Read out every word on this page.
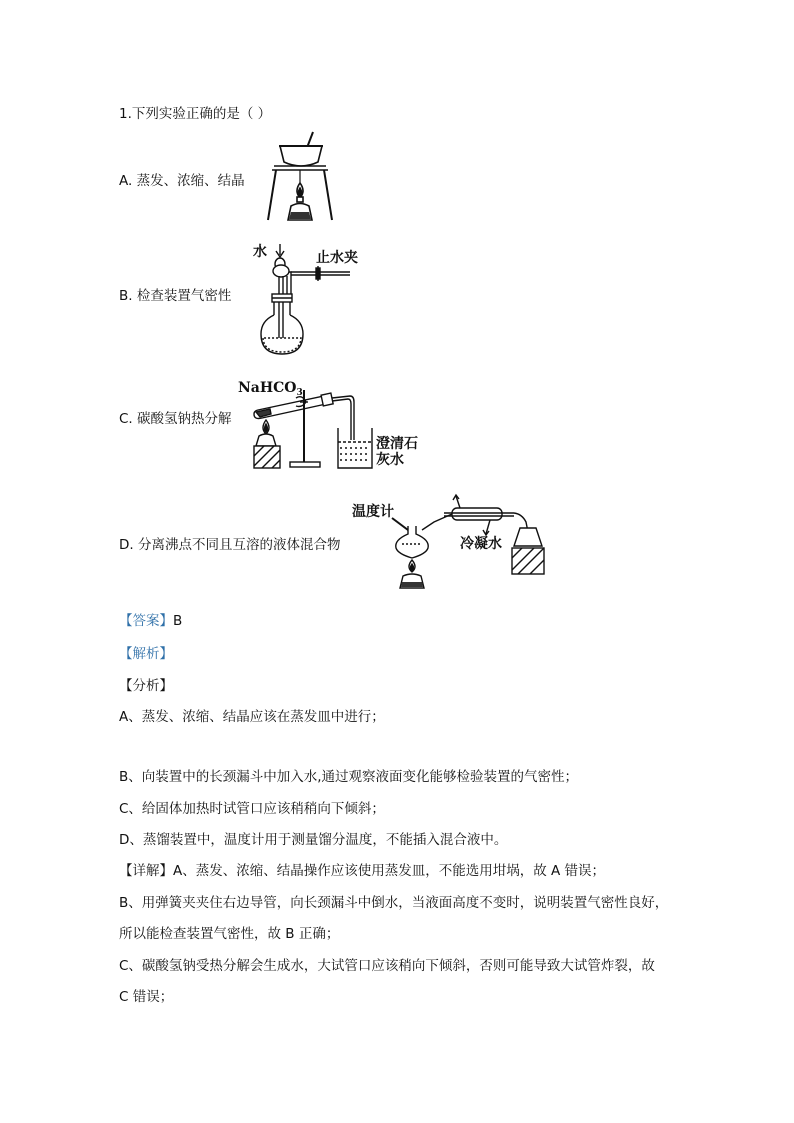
1.下列实验正确的是（ ）
A. 蒸发、浓缩、结晶
B. 检查装置气密性
C. 碳酸氢钠热分解
D. 分离沸点不同且互溶的液体混合物
水	止水夹
NaHCO$_3$
澄清石
灰水
温度计
冷凝水
【答案】B
【解析】
【分析】
A、蒸发、浓缩、结晶应该在蒸发皿中进行；
B、向装置中的长颈漏斗中加入水,通过观察液面变化能够检验装置的气密性；
C、给固体加热时试管口应该稍稍向下倾斜；
D、蒸馏装置中，温度计用于测量馏分温度，不能插入混合液中。
【详解】A、蒸发、浓缩、结晶操作应该使用蒸发皿，不能选用坩埚，故 A 错误；
B、用弹簧夹夹住右边导管，向长颈漏斗中倒水，当液面高度不变时，说明装置气密性良好，
所以能检查装置气密性，故 B 正确；
C、碳酸氢钠受热分解会生成水，大试管口应该稍向下倾斜，否则可能导致大试管炸裂，故
C 错误；
